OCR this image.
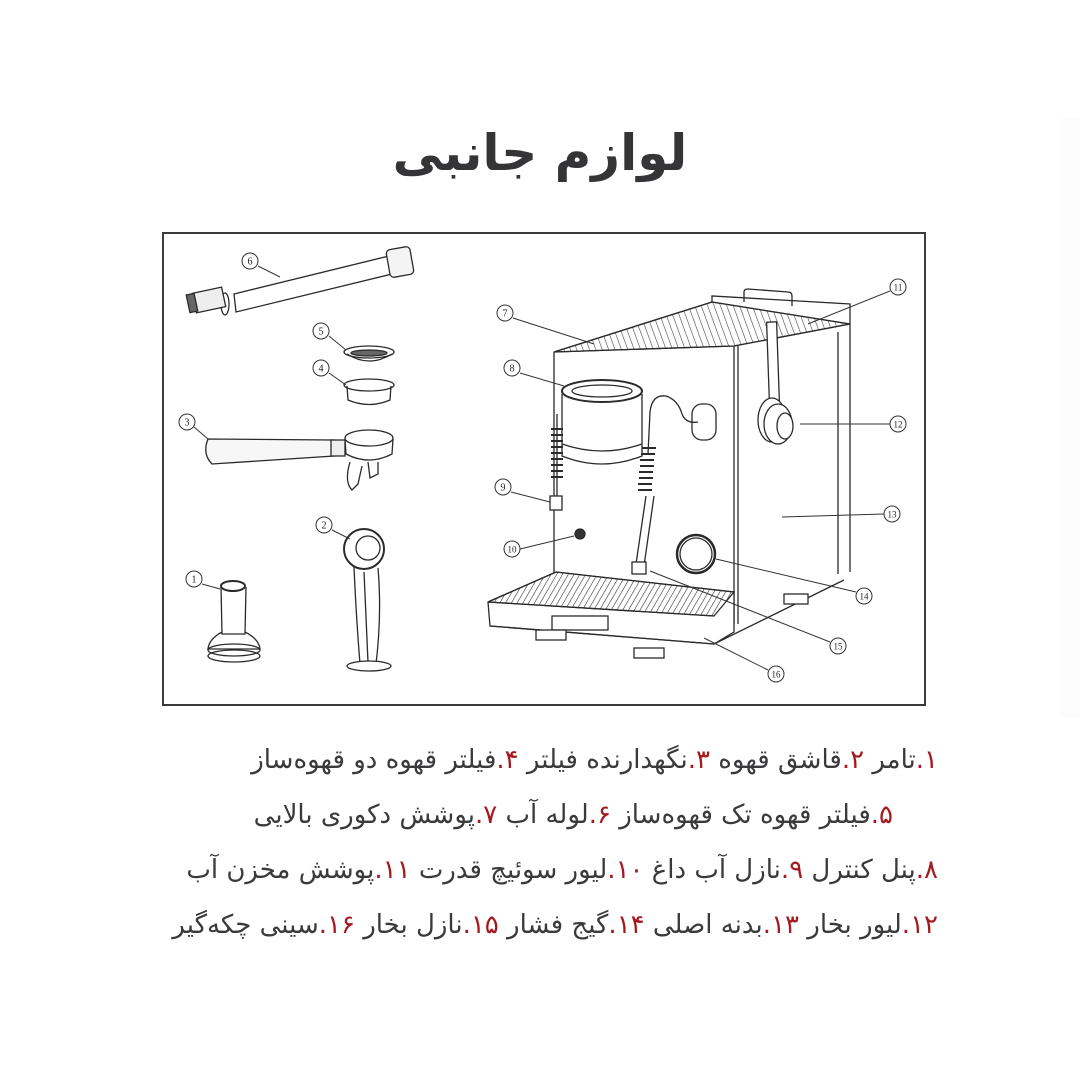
لوازم جانبی
1
2
3
4
5
6
7
8
9
10
11
12
13
14
15
16
۱.تامر ۲.قاشق قهوه ۳.نگهدارنده فیلتر ۴.فیلتر قهوه دو قهوه‌ساز
۵.فیلتر قهوه تک قهوه‌ساز ۶.لوله آب ۷.پوشش دکوری بالایی
۸.پنل کنترل ۹.نازل آب داغ ۱۰.لیور سوئیچ قدرت ۱۱.پوشش مخزن آب
۱۲.لیور بخار ۱۳.بدنه اصلی ۱۴.گیج فشار ۱۵.نازل بخار ۱۶.سینی چکه‌گیر
